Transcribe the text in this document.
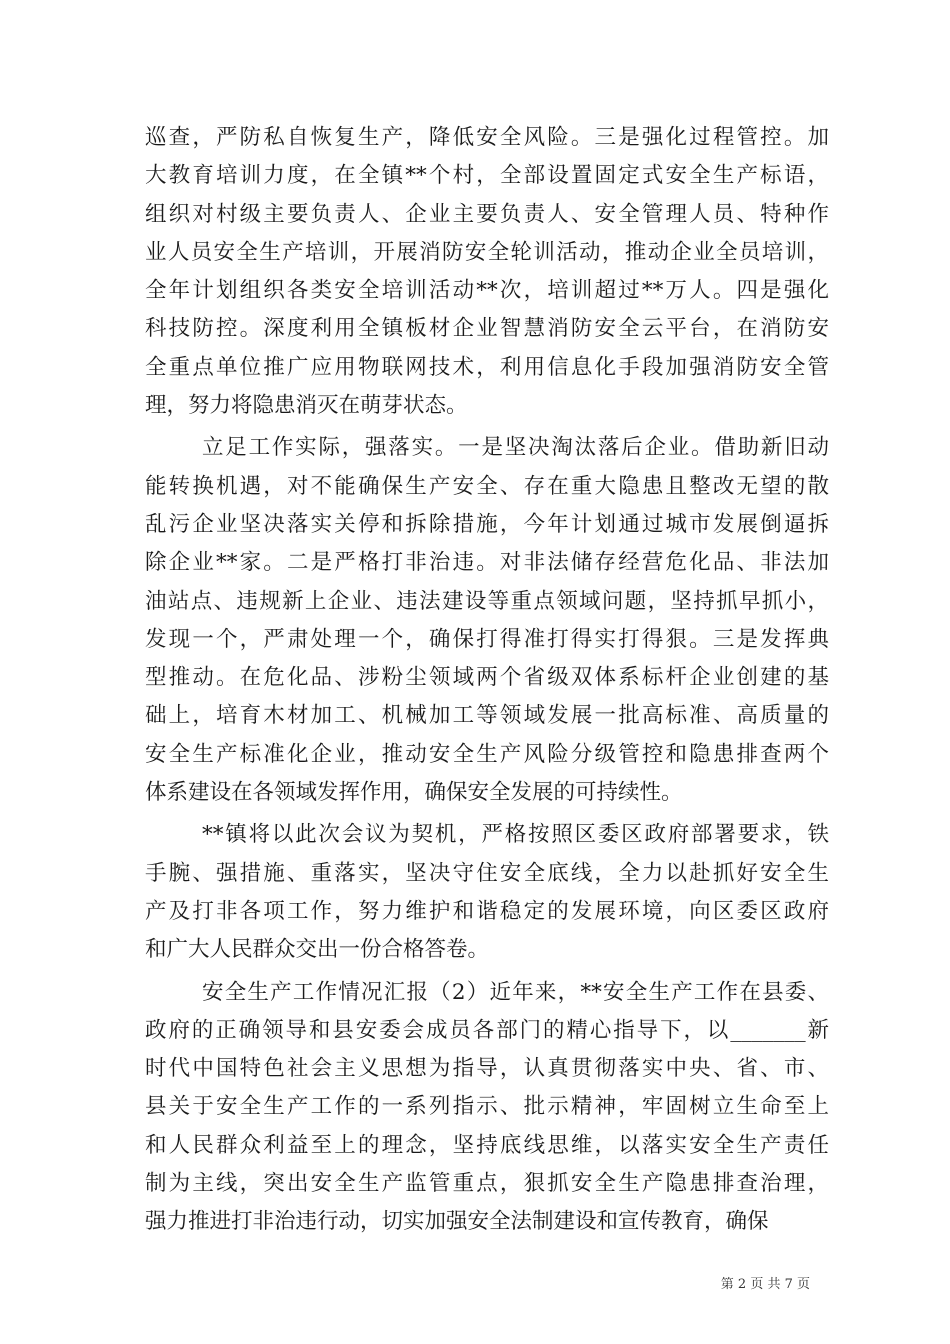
巡查，严防私自恢复生产，降低安全风险。三是强化过程管控。加
大教育培训力度，在全镇**个村，全部设置固定式安全生产标语，
组织对村级主要负责人、企业主要负责人、安全管理人员、特种作
业人员安全生产培训，开展消防安全轮训活动，推动企业全员培训，
全年计划组织各类安全培训活动**次，培训超过**万人。四是强化
科技防控。深度利用全镇板材企业智慧消防安全云平台，在消防安
全重点单位推广应用物联网技术，利用信息化手段加强消防安全管
理，努力将隐患消灭在萌芽状态。
立足工作实际，强落实。一是坚决淘汰落后企业。借助新旧动
能转换机遇，对不能确保生产安全、存在重大隐患且整改无望的散
乱污企业坚决落实关停和拆除措施，今年计划通过城市发展倒逼拆
除企业**家。二是严格打非治违。对非法储存经营危化品、非法加
油站点、违规新上企业、违法建设等重点领域问题，坚持抓早抓小，
发现一个，严肃处理一个，确保打得准打得实打得狠。三是发挥典
型推动。在危化品、涉粉尘领域两个省级双体系标杆企业创建的基
础上，培育木材加工、机械加工等领域发展一批高标准、高质量的
安全生产标准化企业，推动安全生产风险分级管控和隐患排查两个
体系建设在各领域发挥作用，确保安全发展的可持续性。
**镇将以此次会议为契机，严格按照区委区政府部署要求，铁
手腕、强措施、重落实，坚决守住安全底线，全力以赴抓好安全生
产及打非各项工作，努力维护和谐稳定的发展环境，向区委区政府
和广大人民群众交出一份合格答卷。
安全生产工作情况汇报（2）近年来，**安全生产工作在县委、
政府的正确领导和县安委会成员各部门的精心指导下，以_______新
时代中国特色社会主义思想为指导，认真贯彻落实中央、省、市、
县关于安全生产工作的一系列指示、批示精神，牢固树立生命至上
和人民群众利益至上的理念，坚持底线思维，以落实安全生产责任
制为主线，突出安全生产监管重点，狠抓安全生产隐患排查治理，
强力推进打非治违行动，切实加强安全法制建设和宣传教育，确保
第 2 页 共 7 页
